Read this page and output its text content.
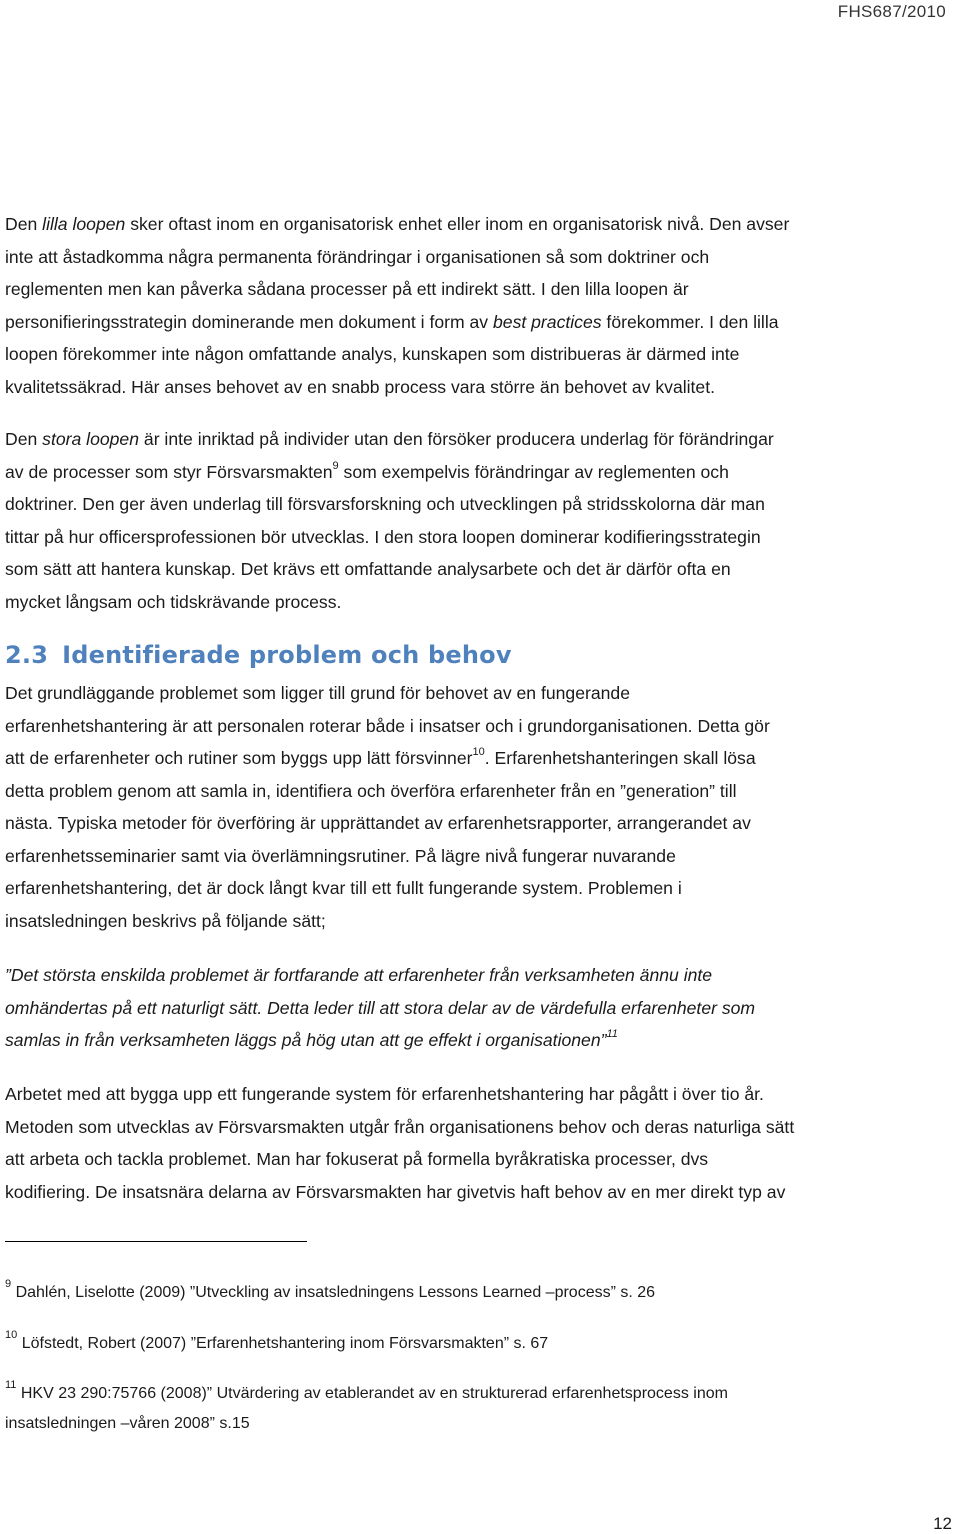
FHS687/2010

Den lilla loopen sker oftast inom en organisatorisk enhet eller inom en organisatorisk nivå. Den avser
inte att åstadkomma några permanenta förändringar i organisationen så som doktriner och
reglementen men kan påverka sådana processer på ett indirekt sätt. I den lilla loopen är
personifieringsstrategin dominerande men dokument i form av best practices förekommer. I den lilla
loopen förekommer inte någon omfattande analys, kunskapen som distribueras är därmed inte
kvalitetssäkrad. Här anses behovet av en snabb process vara större än behovet av kvalitet.

Den stora loopen är inte inriktad på individer utan den försöker producera underlag för förändringar
av de processer som styr Försvarsmakten$^9$ som exempelvis förändringar av reglementen och
doktriner. Den ger även underlag till försvarsforskning och utvecklingen på stridsskolorna där man
tittar på hur officersprofessionen bör utvecklas. I den stora loopen dominerar kodifieringsstrategin
som sätt att hantera kunskap. Det krävs ett omfattande analysarbete och det är därför ofta en
mycket långsam och tidskrävande process.

2.3 Identifierade problem och behov

Det grundläggande problemet som ligger till grund för behovet av en fungerande
erfarenhetshantering är att personalen roterar både i insatser och i grundorganisationen. Detta gör
att de erfarenheter och rutiner som byggs upp lätt försvinner$^{10}$. Erfarenhetshanteringen skall lösa
detta problem genom att samla in, identifiera och överföra erfarenheter från en ”generation” till
nästa. Typiska metoder för överföring är upprättandet av erfarenhetsrapporter, arrangerandet av
erfarenhetsseminarier samt via överlämningsrutiner. På lägre nivå fungerar nuvarande
erfarenhetshantering, det är dock långt kvar till ett fullt fungerande system. Problemen i
insatsledningen beskrivs på följande sätt;

”Det största enskilda problemet är fortfarande att erfarenheter från verksamheten ännu inte
omhändertas på ett naturligt sätt. Detta leder till att stora delar av de värdefulla erfarenheter som
samlas in från verksamheten läggs på hög utan att ge effekt i organisationen”$^{11}$

Arbetet med att bygga upp ett fungerande system för erfarenhetshantering har pågått i över tio år.
Metoden som utvecklas av Försvarsmakten utgår från organisationens behov och deras naturliga sätt
att arbeta och tackla problemet. Man har fokuserat på formella byråkratiska processer, dvs
kodifiering. De insatsnära delarna av Försvarsmakten har givetvis haft behov av en mer direkt typ av

$^9$ Dahlén, Liselotte (2009) ”Utveckling av insatsledningens Lessons Learned –process” s. 26
$^{10}$ Löfstedt, Robert (2007) ”Erfarenhetshantering inom Försvarsmakten” s. 67
$^{11}$ HKV 23 290:75766 (2008)” Utvärdering av etablerandet av en strukturerad erfarenhetsprocess inom
insatsledningen –våren 2008” s.15
12
